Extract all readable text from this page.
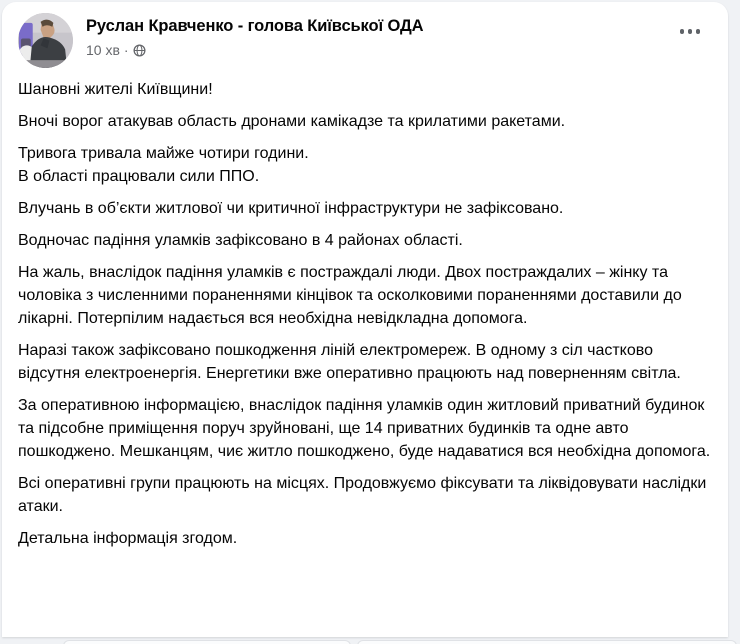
Руслан Кравченко - голова Київської ОДА
10 хв ·

Шановні жителі Київщини!

Вночі ворог атакував область дронами камікадзе та крилатими ракетами.

Тривога тривала майже чотири години.
В області працювали сили ППО.

Влучань в об’єкти житлової чи критичної інфраструктури не зафіксовано.

Водночас падіння уламків зафіксовано в 4 районах області.

На жаль, внаслідок падіння уламків є постраждалі люди. Двох постраждалих – жінку та чоловіка з численними пораненнями кінцівок та осколковими пораненнями доставили до лікарні. Потерпілим надається вся необхідна невідкладна допомога.

Наразі також зафіксовано пошкодження ліній електромереж. В одному з сіл частково відсутня електроенергія. Енергетики вже оперативно працюють над поверненням світла.

За оперативною інформацією, внаслідок падіння уламків один житловий приватний будинок та підсобне приміщення поруч зруйновані, ще 14 приватних будинків та одне авто пошкоджено. Мешканцям, чиє житло пошкоджено, буде надаватися вся необхідна допомога.

Всі оперативні групи працюють на місцях. Продовжуємо фіксувати та ліквідовувати наслідки атаки.

Детальна інформація згодом.
